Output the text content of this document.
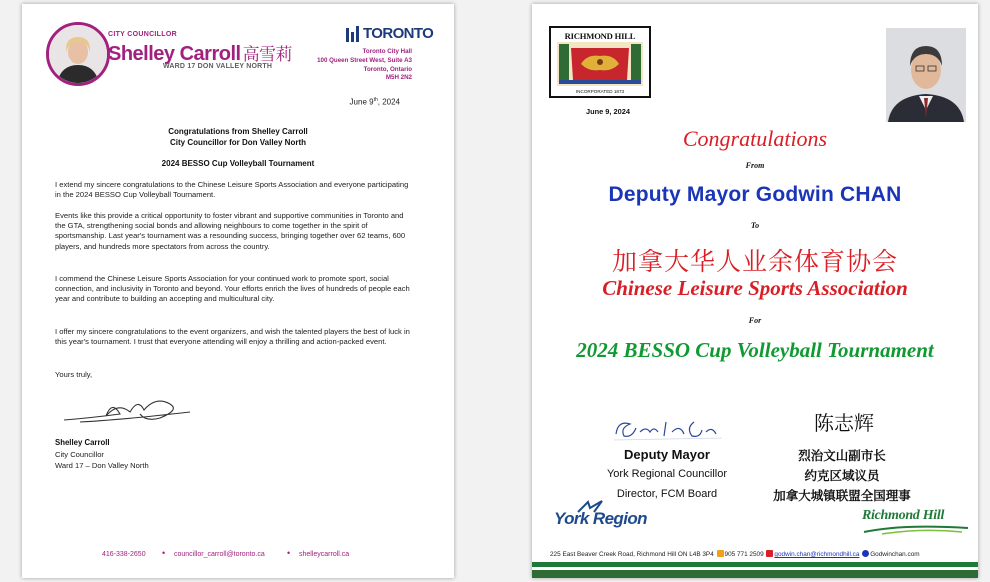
CITY COUNCILLOR
Shelley Carroll 高雪莉
WARD 17 DON VALLEY NORTH
TORONTO
Toronto City Hall
100 Queen Street West, Suite A3
Toronto, Ontario
M5H 2N2
June 9th, 2024
Congratulations from Shelley Carroll
City Councillor for Don Valley North
2024 BESSO Cup Volleyball Tournament
I extend my sincere congratulations to the Chinese Leisure Sports Association and everyone participating in the 2024 BESSO Cup Volleyball Tournament.
Events like this provide a critical opportunity to foster vibrant and supportive communities in Toronto and the GTA, strengthening social bonds and allowing neighbours to come together in the spirit of sportsmanship. Last year's tournament was a resounding success, bringing together over 62 teams, 600 players, and hundreds more spectators from across the country.
I commend the Chinese Leisure Sports Association for your continued work to promote sport, social connection, and inclusivity in Toronto and beyond. Your efforts enrich the lives of hundreds of people each year and contribute to building an accepting and multicultural city.
I offer my sincere congratulations to the event organizers, and wish the talented players the best of luck in this year's tournament. I trust that everyone attending will enjoy a thrilling and action-packed event.
Yours truly,
Shelley Carroll
City Councillor
Ward 17 – Don Valley North
416-338-2650 • councillor_carroll@toronto.ca • shelleycarroll.ca
RICHMOND HILL
INCORPORATED 1873
June 9, 2024
Congratulations
From
Deputy Mayor Godwin CHAN
To
加拿大华人业余体育协会
Chinese Leisure Sports Association
For
2024 BESSO Cup Volleyball Tournament
陈志辉
Deputy Mayor
York Regional Councillor
Director, FCM Board
烈治文山副市长
约克区域议员
加拿大城镇联盟全国理事
York Region	Richmond Hill
225 East Beaver Creek Road, Richmond Hill ON L4B 3P4 905 771 2509 godwin.chan@richmondhill.ca Godwinchan.com
